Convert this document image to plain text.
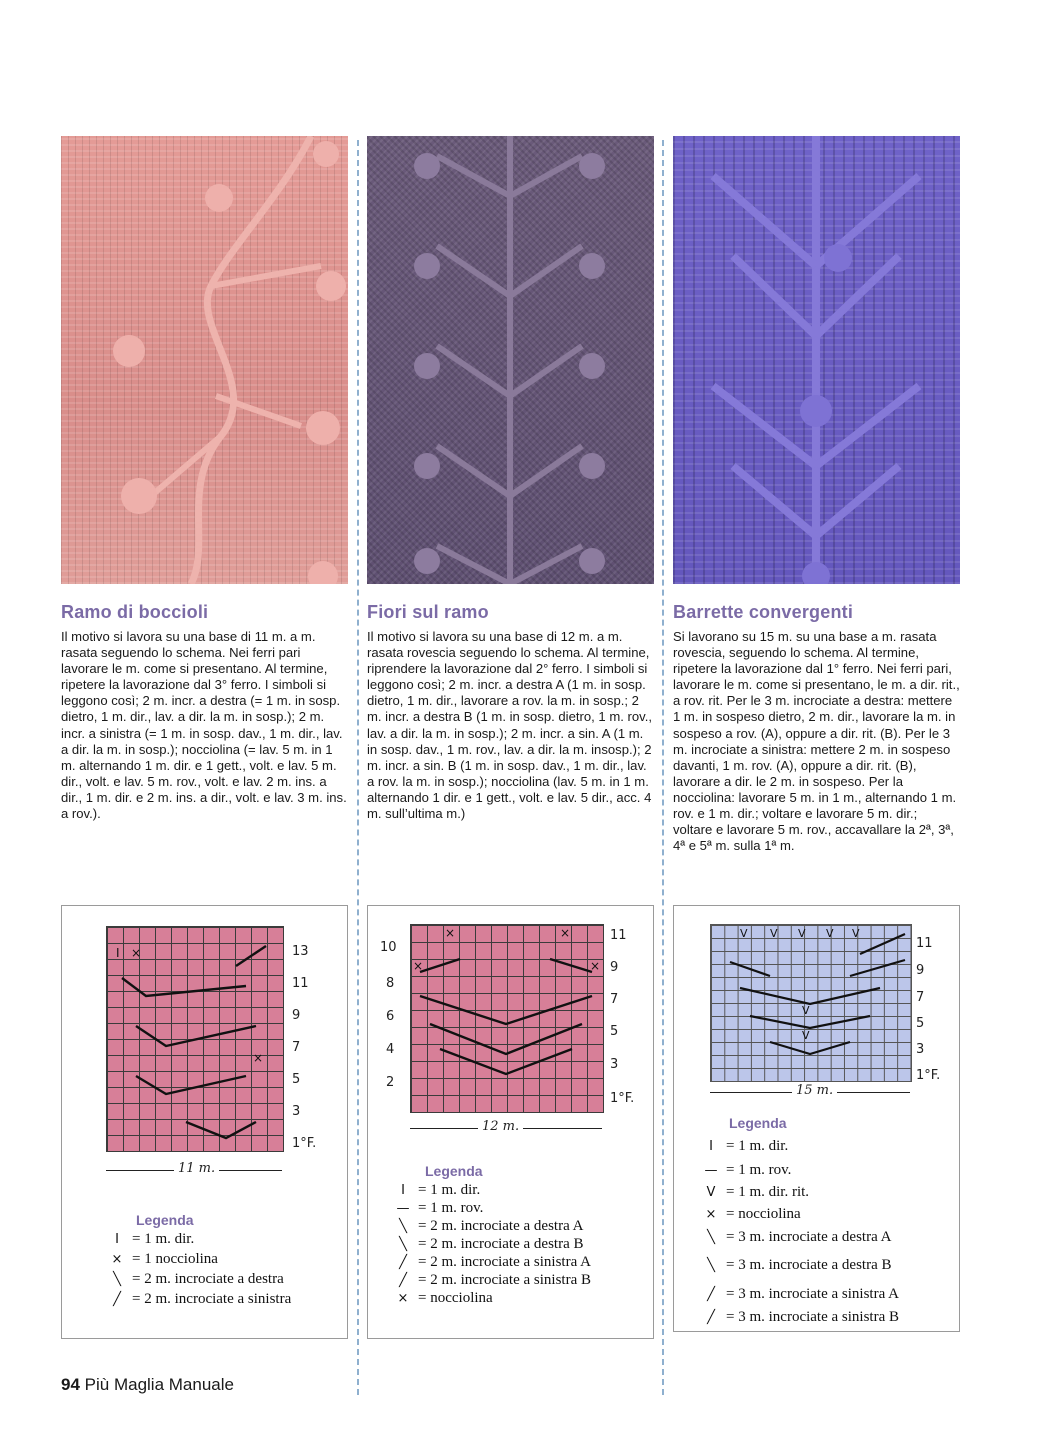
Ramo di boccioli

Il motivo si lavora su una base di 11 m. a m. rasata seguendo lo schema. Nei ferri pari lavorare le m. come si presentano. Al termine, ripetere la lavorazione dal 3° ferro. I simboli si leggono così; 2 m. incr. a destra (= 1 m. in sosp. dietro, 1 m. dir., lav. a dir. la m. in sosp.); 2 m. incr. a sinistra (= 1 m. in sosp. dav., 1 m. dir., lav. a dir. la m. in sosp.); nocciolina (= lav. 5 m. in 1 m. alternando 1 m. dir. e 1 gett., volt. e lav. 5 m. dir., volt. e lav. 5 m. rov., volt. e lav. 2 m. ins. a dir., 1 m. dir. e 2 m. ins. a dir., volt. e lav. 3 m. ins. a rov.).

Fiori sul ramo

Il motivo si lavora su una base di 12 m. a m. rasata rovescia seguendo lo schema. Al termine, riprendere la lavorazione dal 2° ferro. I simboli si leggono così; 2 m. incr. a destra A (1 m. in sosp. dietro, 1 m. dir., lavorare a rov. la m. in sosp.; 2 m. incr. a destra B (1 m. in sosp. dietro, 1 m. rov., lav. a dir. la m. in sosp.); 2 m. incr. a sin. A (1 m. in sosp. dav., 1 m. rov., lav. a dir. la m. insosp.); 2 m. incr. a sin. B (1 m. in sosp. dav., 1 m. dir., lav. a rov. la m. in sosp.); nocciolina (lav. 5 m. in 1 m. alternando 1 dir. e 1 gett., volt. e lav. 5 dir., acc. 4 m. sull’ultima m.)

Barrette convergenti

Si lavorano su 15 m. su una base a m. rasata rovescia, seguendo lo schema. Al termine, ripetere la lavorazione dal 1° ferro. Nei ferri pari, lavorare le m. come si presentano, le m. a dir. rit., a rov. rit. Per le 3 m. incrociate a destra: mettere 1 m. in sospeso dietro, 2 m. dir., lavorare la m. in sospeso a rov. (A), oppure a dir. rit. (B). Per le 3 m. incrociate a sinistra: mettere 2 m. in sospeso davanti, 1 m. rov. (A), oppure a dir. rit. (B), lavorare a dir. le 2 m. in sospeso. Per la nocciolina: lavorare 5 m. in 1 m., alternando 1 m. rov. e 1 m. dir.; voltare e lavorare 5 m. dir.; voltare e lavorare 5 m. rov., accavallare la 2ª, 3ª, 4ª e 5ª m. sulla 1ª m.

I ×
×
13
11
9
7
5
3
1°F.
11 m.
Legenda
I = 1 m. dir.
× = 1 nocciolina
╲ = 2 m. incrociate a destra
╱ = 2 m. incrociate a sinistra
×	×
×	×
10
8
6
4
2
11
9
7
5
3
1°F.
12 m.
Legenda
I = 1 m. dir.
— = 1 m. rov.
╲ = 2 m. incrociate a destra A
╲ = 2 m. incrociate a destra B
╱ = 2 m. incrociate a sinistra A
╱ = 2 m. incrociate a sinistra B
× = nocciolina
V V V V V
V
V
11
9
7
5
3
1°F.
15 m.
Legenda
I = 1 m. dir.
— = 1 m. rov.
V = 1 m. dir. rit.
× = nocciolina
╲ = 3 m. incrociate a destra A
╲ = 3 m. incrociate a destra B
╱ = 3 m. incrociate a sinistra A
╱ = 3 m. incrociate a sinistra B
94 Più Maglia Manuale
